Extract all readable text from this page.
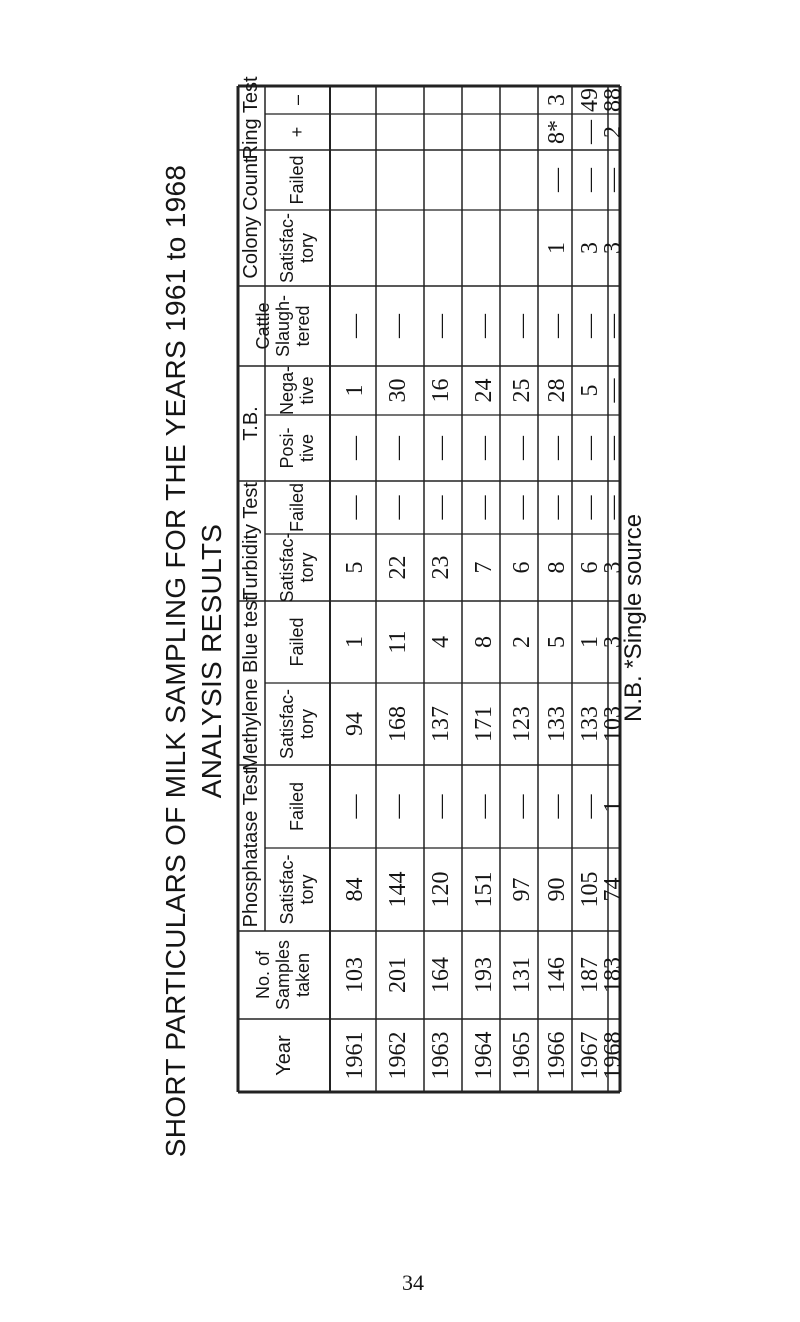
SHORT PARTICULARS OF MILK SAMPLING FOR THE YEARS 1961 to 1968 ANALYSIS RESULTS
Year
No. of Samples taken
Phosphatase Test
Methylene Blue test
Turbidity Test
T.B.
Colony Count
Ring Test
Cattle Slaugh- tered
Satisfac- tory
Failed
Satisfac- tory
Failed
Satisfac- tory
Failed
Posi- tive
Nega- tive
Satisfac- tory
Failed
+
–
1961
103
84
—
94
1
5
—
—
1
—
1962
201
144
—
168
11
22
—
—
30
—
1963
164
120
—
137
4
23
—
—
16
—
1964
193
151
—
171
8
7
—
—
24
—
1965
131
97
—
123
2
6
—
—
25
—
1966
146
90
—
133
5
8
—
—
28
—
1
—
8*
3
1967
187
105
—
133
1
6
—
—
5
—
3
—
—
49
1968
183
74
1
103
3
3
—
—
—
—
3
—
2
88
N.B. *Single source
34
